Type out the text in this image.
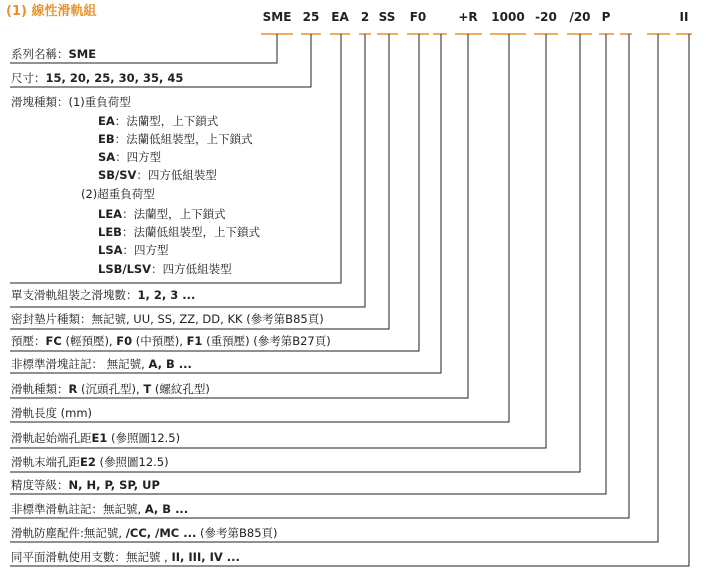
(1) 線性滑軌組	SME 25 EA 2 SS F0	+R	1000 -20 /20 P	II
系列名稱：SME
尺寸：15, 20, 25, 30, 35, 45
滑塊種類：(1)重負荷型
EA：法蘭型，上下鎖式
EB：法蘭低組裝型，上下鎖式
SA：四方型
SB/SV：四方低組裝型
(2)超重負荷型
LEA：法蘭型，上下鎖式
LEB：法蘭低組裝型，上下鎖式
LSA：四方型
LSB/LSV：四方低組裝型
單支滑軌組裝之滑塊數：1, 2, 3 ...
密封墊片種類：無記號, UU, SS, ZZ, DD, KK (參考第B85頁)
預壓：FC (輕預壓), F0 (中預壓), F1 (重預壓) (參考第B27頁)
非標準滑塊註記： 無記號, A, B ...
滑軌種類：R (沉頭孔型), T (螺紋孔型)
滑軌長度 (mm)
滑軌起始端孔距E1 (參照圖12.5)
滑軌末端孔距E2 (參照圖12.5)
精度等級：N, H, P, SP, UP
非標準滑軌註記：無記號, A, B ...
滑軌防塵配件:無記號, /CC, /MC ... (參考第B85頁)
同平面滑軌使用支數：無記號 , II, III, IV ...
